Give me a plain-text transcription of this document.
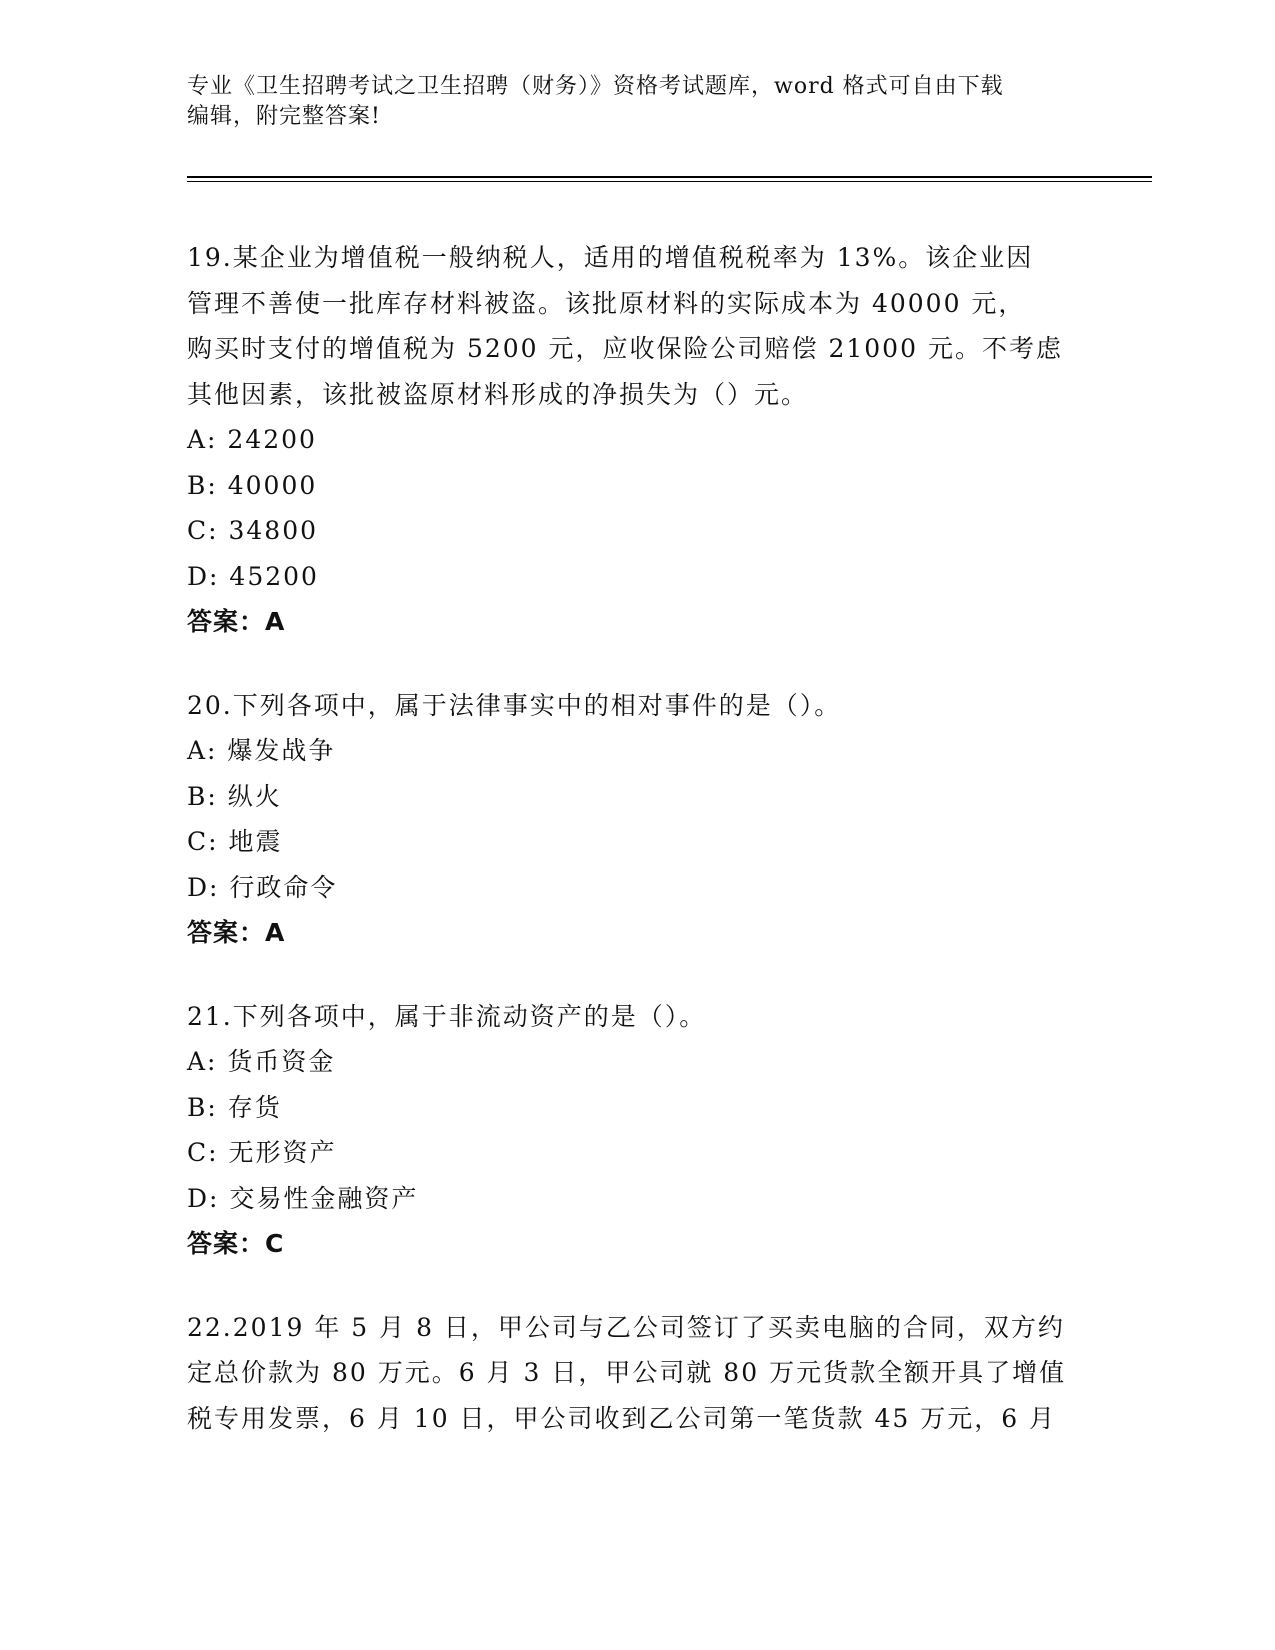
专业《卫生招聘考试之卫生招聘（财务）》资格考试题库，word 格式可自由下载
编辑，附完整答案!

19.某企业为增值税一般纳税人，适用的增值税税率为 13%。该企业因

管理不善使一批库存材料被盗。该批原材料的实际成本为 40000 元，

购买时支付的增值税为 5200 元，应收保险公司赔偿 21000 元。不考虑

其他因素，该批被盗原材料形成的净损失为（）元。

A: 24200

B: 40000

C: 34800

D: 45200

答案：A

20.下列各项中，属于法律事实中的相对事件的是（）。

A: 爆发战争

B: 纵火

C: 地震

D: 行政命令

答案：A

21.下列各项中，属于非流动资产的是（）。

A: 货币资金

B: 存货

C: 无形资产

D: 交易性金融资产

答案：C

22.2019 年 5 月 8 日，甲公司与乙公司签订了买卖电脑的合同，双方约

定总价款为 80 万元。6 月 3 日，甲公司就 80 万元货款全额开具了增值

税专用发票，6 月 10 日，甲公司收到乙公司第一笔货款 45 万元，6 月
